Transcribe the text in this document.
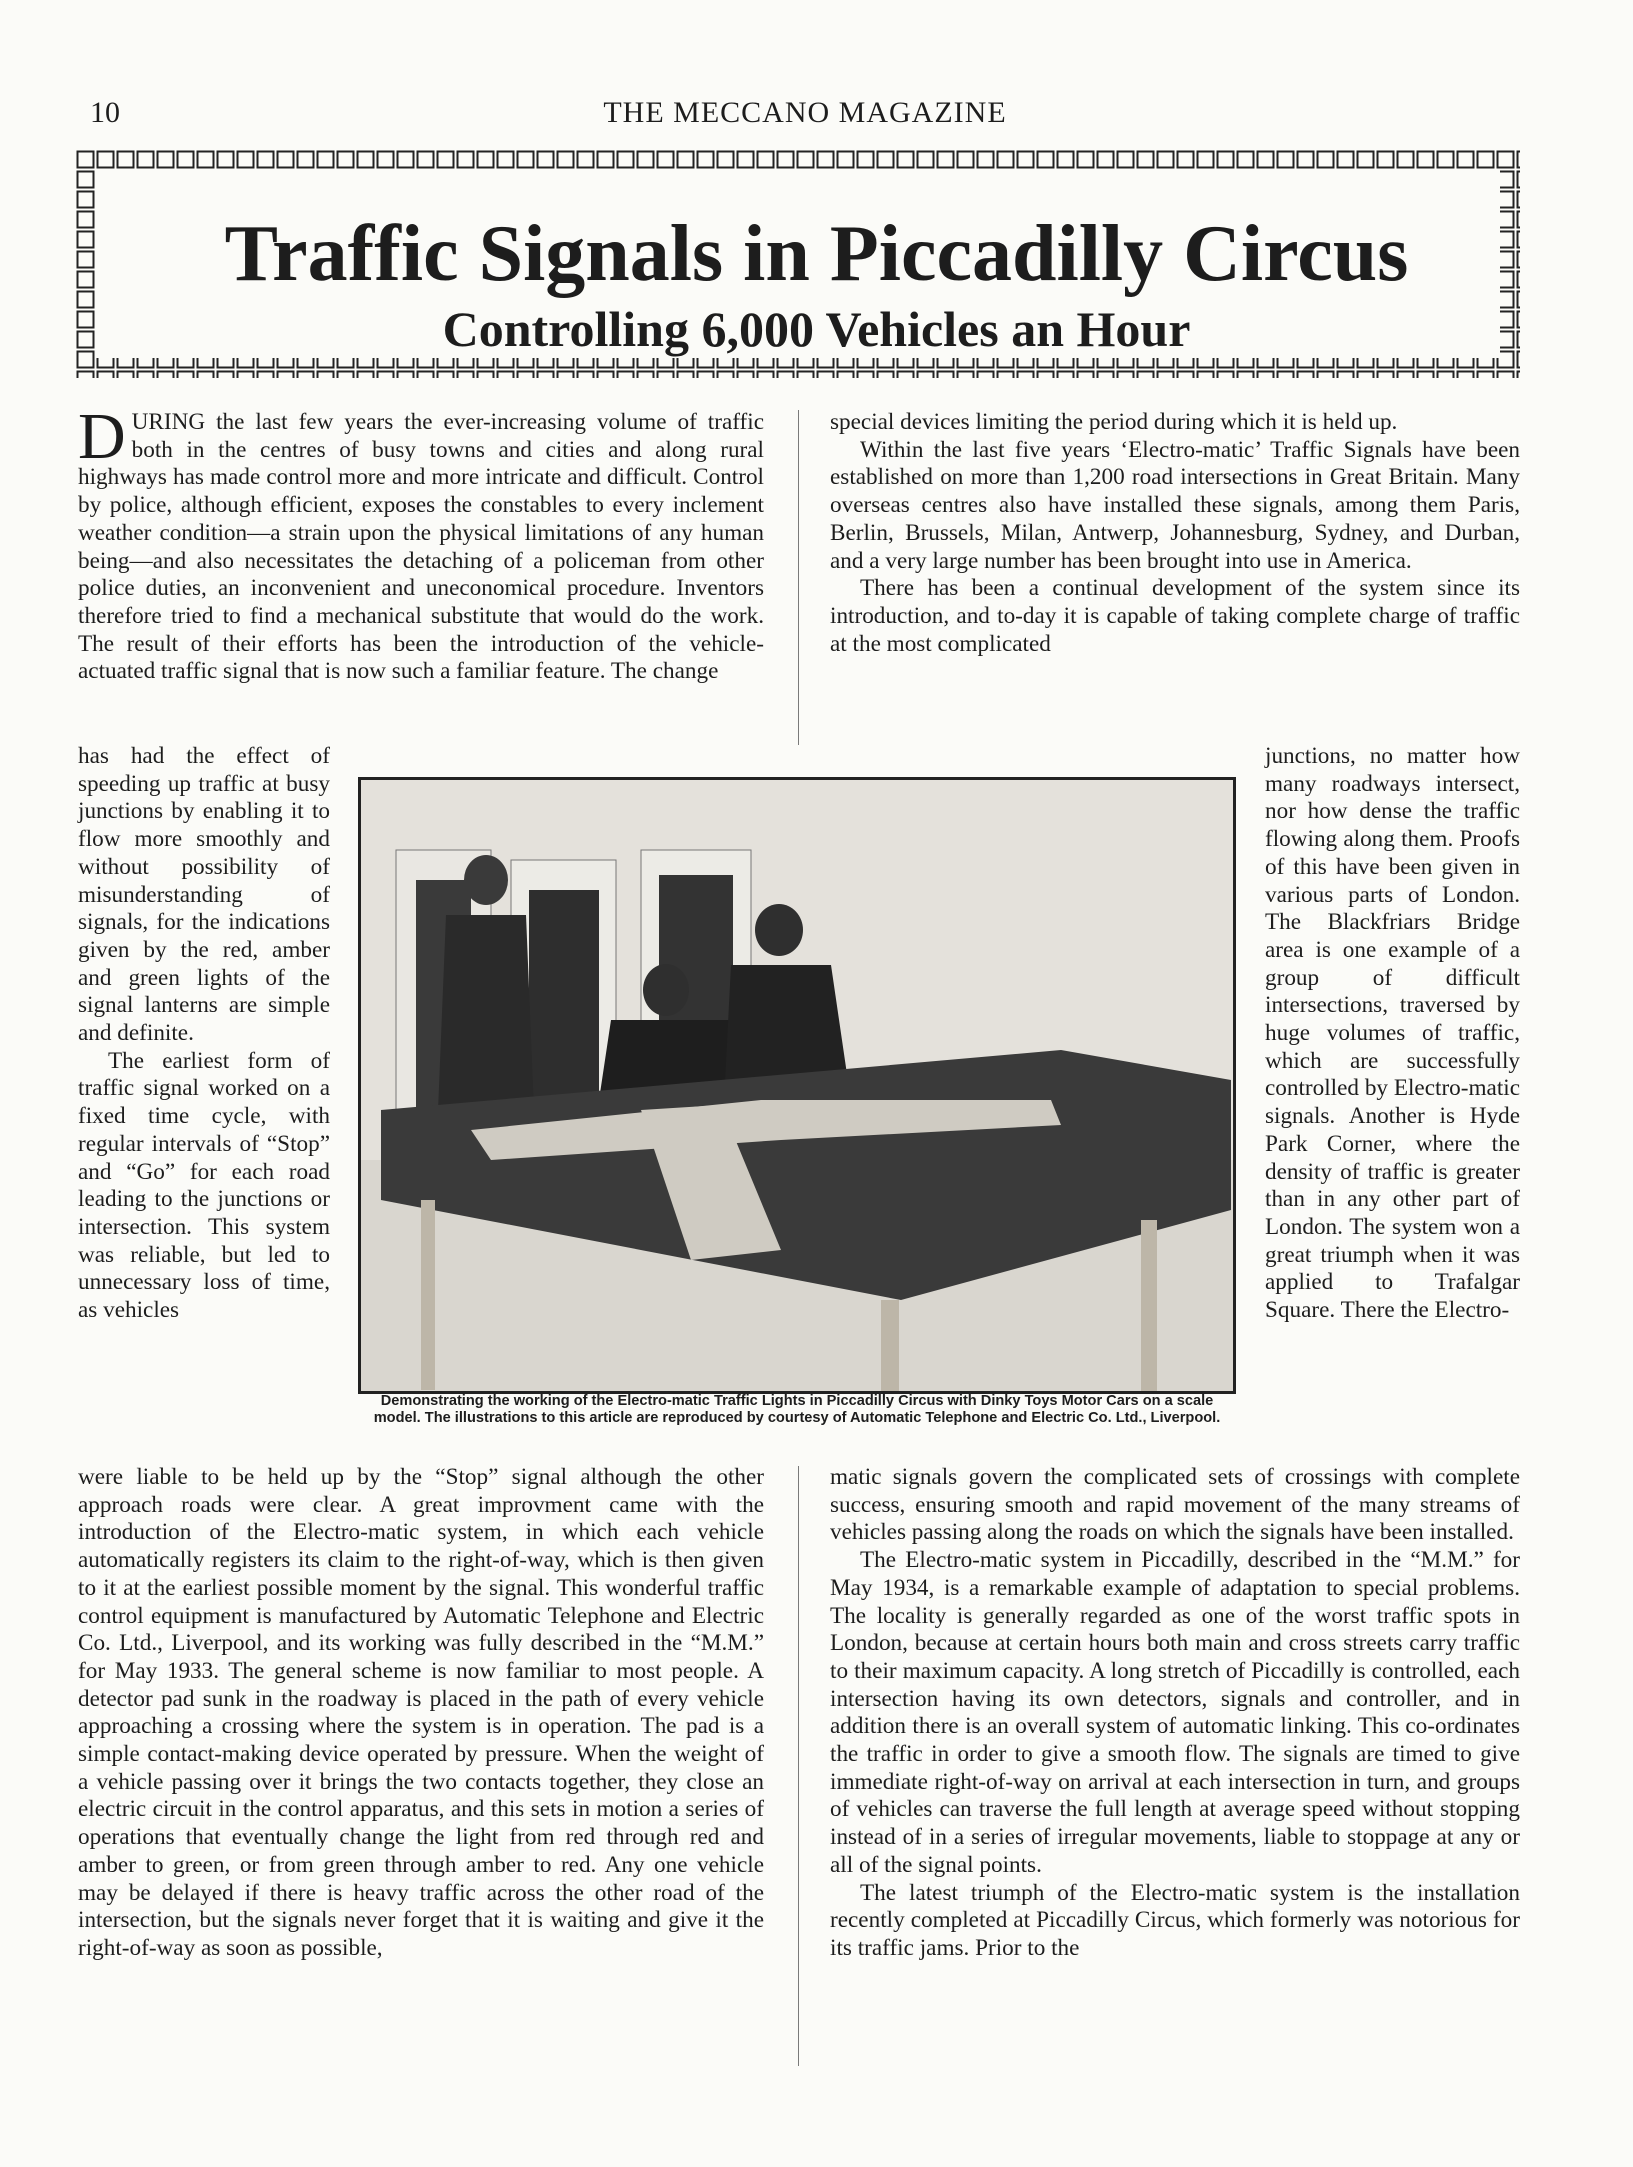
10	THE MECCANO MAGAZINE
Traffic Signals in Piccadilly Circus
Controlling 6,000 Vehicles an Hour

DURING the last few years the ever-increasing volume of traffic both in the centres of busy towns and cities and along rural highways has made control more and more intricate and difficult. Control by police, although efficient, exposes the constables to every inclement weather condition—a strain upon the physical limitations of any human being—and also necessitates the detaching of a policeman from other police duties, an inconvenient and uneconomical procedure. Inventors therefore tried to find a mechanical substitute that would do the work. The result of their efforts has been the introduction of the vehicle-actuated traffic signal that is now such a familiar feature. The change

has had the effect of speeding up traffic at busy junctions by enabling it to flow more smoothly and without possibility of misunderstanding of signals, for the indications given by the red, amber and green lights of the signal lanterns are simple and definite.

The earliest form of traffic signal worked on a fixed time cycle, with regular intervals of “Stop” and “Go” for each road leading to the junctions or intersection. This system was reliable, but led to unnecessary loss of time, as vehicles

special devices limiting the period during which it is held up.

Within the last five years ‘Electro-matic’ Traffic Signals have been established on more than 1,200 road intersections in Great Britain. Many overseas centres also have installed these signals, among them Paris, Berlin, Brussels, Milan, Antwerp, Johannesburg, Sydney, and Durban, and a very large number has been brought into use in America.

There has been a continual development of the system since its introduction, and to-day it is capable of taking complete charge of traffic at the most complicated

junctions, no matter how many roadways intersect, nor how dense the traffic flowing along them. Proofs of this have been given in various parts of London. The Blackfriars Bridge area is one example of a group of difficult intersections, traversed by huge volumes of traffic, which are successfully controlled by Electro-matic signals. Another is Hyde Park Corner, where the density of traffic is greater than in any other part of London. The system won a great triumph when it was applied to Trafalgar Square. There the Electro-

Demonstrating the working of the Electro-matic Traffic Lights in Piccadilly Circus with Dinky Toys Motor Cars on a scale model. The illustrations to this article are reproduced by courtesy of Automatic Telephone and Electric Co. Ltd., Liverpool.

were liable to be held up by the “Stop” signal although the other approach roads were clear. A great improvment came with the introduction of the Electro-matic system, in which each vehicle automatically registers its claim to the right-of-way, which is then given to it at the earliest possible moment by the signal. This wonderful traffic control equipment is manufactured by Automatic Telephone and Electric Co. Ltd., Liverpool, and its working was fully described in the “M.M.” for May 1933. The general scheme is now familiar to most people. A detector pad sunk in the roadway is placed in the path of every vehicle approaching a crossing where the system is in operation. The pad is a simple contact-making device operated by pressure. When the weight of a vehicle passing over it brings the two contacts together, they close an electric circuit in the control apparatus, and this sets in motion a series of operations that eventually change the light from red through red and amber to green, or from green through amber to red. Any one vehicle may be delayed if there is heavy traffic across the other road of the intersection, but the signals never forget that it is waiting and give it the right-of-way as soon as possible,

matic signals govern the complicated sets of crossings with complete success, ensuring smooth and rapid movement of the many streams of vehicles passing along the roads on which the signals have been installed.

The Electro-matic system in Piccadilly, described in the “M.M.” for May 1934, is a remarkable example of adaptation to special problems. The locality is generally regarded as one of the worst traffic spots in London, because at certain hours both main and cross streets carry traffic to their maximum capacity. A long stretch of Piccadilly is controlled, each intersection having its own detectors, signals and controller, and in addition there is an overall system of automatic linking. This co-ordinates the traffic in order to give a smooth flow. The signals are timed to give immediate right-of-way on arrival at each intersection in turn, and groups of vehicles can traverse the full length at average speed without stopping instead of in a series of irregular movements, liable to stoppage at any or all of the signal points.

The latest triumph of the Electro-matic system is the installation recently completed at Piccadilly Circus, which formerly was notorious for its traffic jams. Prior to the
